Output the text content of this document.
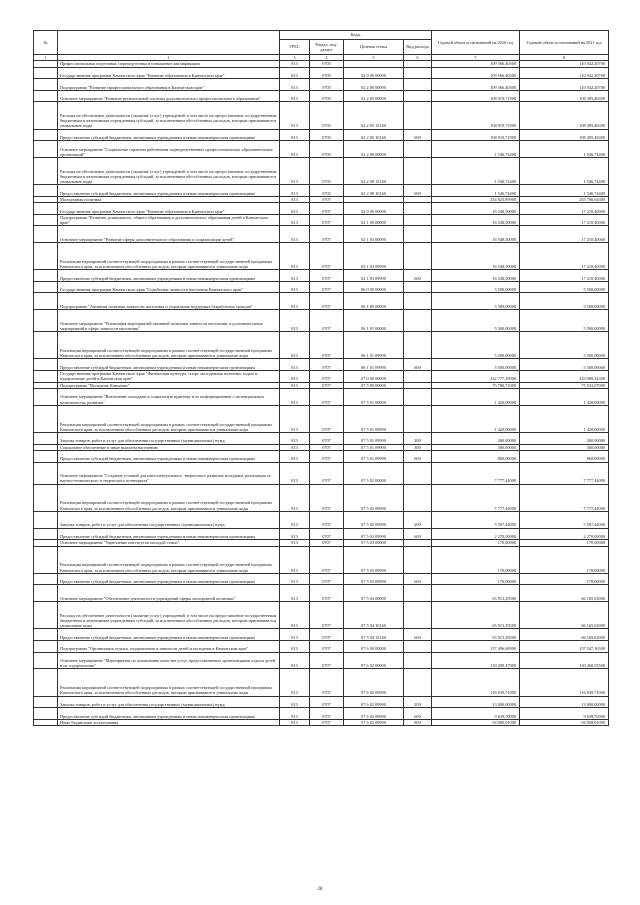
№		Коды				Годовой объем ассигнований на 2020 год	Годовой объем ассигнований на 2021 год
		ГРБС	Раздел, под-раздел	Целевая статья	Вид расхода		
1	2	3	4	5	6	7	8
	Профессиональная подготовка, переподготовка и повышение квалификации	813	0705			109 566,40300	110 042,20700
	Государственная программа Камчатского края "Развитие образования в Камчатском крае"	813	0705	02 0 00 00000		109 566,40300	110 042,20700
	Подпрограмма "Развитие профессионального образования в Камчатском крае"	813	0705	02 2 00 00000		109 566,40300	110 042,20700
	Основное мероприятие "Развитие региональной системы дополнительного профессионального образования"	813	0705	02 2 05 00000		108 019,71900	108 495,46300
	Расходы на обеспечение деятельности (оказание услуг) учреждений, в том числе на предоставление государственным бюджетным и автономным учреждениям субсидий, за исключением обособленных расходов, которым присваиваются уникальные коды	813	0705	02 2 05 10140		108 019,71900	108 495,46300
	Предоставление субсидий бюджетным, автономным учреждениям и иным некоммерческим организациям	813	0705	02 2 05 10140	600	108 019,71900	108 495,46300
	Основное мероприятие "Социальные гарантии работникам подведомственных профессиональных образовательных организаций"	813	0705	02 2 08 00000		1 546,74400	1 546,74400
	Расходы на обеспечение деятельности (оказание услуг) учреждений, в том числе на предоставление государственным бюджетным и автономным учреждениям субсидий, за исключением обособленных расходов, которым присваиваются уникальные коды	813	0705	02 2 08 10140		1 546,74400	1 546,74400
	Предоставление субсидий бюджетным, автономным учреждениям и иным некоммерческим организациям	813	0705	02 2 08 10140	600	1 546,74400	1 546,74400
	Молодежная политика	813	0707			254 825,89900	255 790,04300
	Государственная программа Камчатского края "Развитие образования в Камчатском крае"	813	0707	02 0 00 00000		16 548,50000	17 210,40000
	Подпрограмма "Развитие дошкольного, общего образования и дополнительного образования детей в Камчатском крае"	813	0707	02 1 00 00000		16 548,50000	17 210,40000
	Основное мероприятие "Развитие сферы дополнительного образования и социализации детей"	813	0707	02 1 03 00000		16 548,50000	17 210,40000
	Реализация мероприятий соответствующей подпрограммы в рамках соответствующей государственной программы Камчатского края, за исключением обособленных расходов, которым присваиваются уникальные коды	813	0707	02 1 03 09990		16 548,50000	17 210,40000
	Предоставление субсидий бюджетным, автономным учреждениям и иным некоммерческим организациям	813	0707	02 1 03 09990	600	16 548,50000	17 210,40000
	Государственная программа Камчатского края "Содействие занятости населения Камчатского края"	813	0707	06 0 00 00000		5 500,00000	5 500,00000
	Подпрограмма "Активная политика занятости населения и социальная поддержка безработных граждан"	813	0707	06 1 00 00000		5 500,00000	5 500,00000
	Основное мероприятие "Реализация мероприятий активной политики занятости населения, в дополнительных мероприятий в сфере занятости населения"	813	0707	06 1 01 00000		5 500,00000	5 500,00000
	Реализация мероприятий соответствующей подпрограммы в рамках соответствующей государственной программы Камчатского края, за исключением обособленных расходов, которым присваиваются уникальные коды	813	0707	06 1 01 09990		5 500,00000	5 500,00000
	Предоставление субсидий бюджетным, автономным учреждениям и иным некоммерческим организациям	813	0707	06 1 01 09990	600	5 500,00000	5 500,00000
	Государственная программа Камчатского края "Физическая культура, спорт, молодежная политика, отдых и оздоровление детей в Камчатском крае"	813	0707	07 0 00 00000		232 777,39900	233 080,24300
	Подпрограмма "Молодежь Камчатки"	813	0707	07 5 00 00000		75 780,71000	75 533,07000
	Основное мероприятие "Вовлечение молодежи в социальную практику и ее информирование о потенциальных возможностях развития"	813	0707	07 5 01 00000		1 420,00000	1 420,00000
	Реализация мероприятий соответствующей подпрограммы в рамках соответствующей государственной программы Камчатского края, за исключением обособленных расходов, которым присваиваются уникальные коды	813	0707	07 5 01 09990		1 420,00000	1 420,00000
	Закупка товаров, работ и услуг для обеспечения государственных (муниципальных) нужд	813	0707	07 5 01 09990	200	260,00000	260,00000
	Социальное обеспечение и иные выплаты населению	813	0707	07 5 01 09990	300	300,00000	300,00000
	Предоставление субсидий бюджетным, автономным учреждениям и иным некоммерческим организациям	813	0707	07 5 01 09990	600	860,00000	860,00000
	Основное мероприятие "Создание условий для интеллектуального, творческого развития молодежи, реализация ее научно-технического и творческого потенциала"	813	0707	07 5 02 00000		7 777,44000	7 777,44000
	Реализация мероприятий соответствующей подпрограммы в рамках соответствующей государственной программы Камчатского края, за исключением обособленных расходов, которым присваиваются уникальные коды	813	0707	07 5 02 09990		7 777,44000	7 777,44000
	Закупка товаров, работ и услуг для обеспечения государственных (муниципальных) нужд	813	0707	07 5 02 09990	200	5 507,44000	5 507,44000
	Предоставление субсидий бюджетным, автономным учреждениям и иным некоммерческим организациям	813	0707	07 5 02 09990	600	2 270,00000	2 270,00000
	Основное мероприятие "Укрепление институтов молодой семьи"	813	0707	07 5 03 00000		170,00000	170,00000
	Реализация мероприятий соответствующей подпрограммы в рамках соответствующей государственной программы Камчатского края, за исключением обособленных расходов, которым присваиваются уникальные коды	813	0707	07 5 03 09990		170,00000	170,00000
	Предоставление субсидий бюджетным, автономным учреждениям и иным некоммерческим организациям	813	0707	07 5 03 09990	600	170,00000	170,00000
	Основное мероприятие "Обеспечение деятельности учреждений сферы молодежной политики"	813	0707	07 5 04 00000		65 913,29500	66 165,63000
	Расходы на обеспечение деятельности (оказание услуг) учреждений, в том числе на предоставление государственным бюджетным и автономным учреждениям субсидий, за исключением обособленных расходов, которым присваиваются уникальные коды	813	0707	07 5 04 10140		65 913,29500	66 165,63000
	Предоставление субсидий бюджетным, автономным учреждениям и иным некоммерческим организациям	813	0707	07 5 04 10140	600	65 913,29500	66 165,63000
	Подпрограмма "Организация отдыха, оздоровления и занятости детей и молодежи в Камчатском крае"	813	0707	07 6 00 00000		157 496,68900	157 547,16500
	Основное мероприятие "Мероприятия по повышению качества услуг, предоставляемых организациями отдыха детей и их оздоровления"	813	0707	07 6 02 00000		130 209,47000	130 260,03500
	Реализация мероприятий соответствующей подпрограммы в рамках соответствующей государственной программы Камчатского края, за исключением обособленных расходов, которым присваиваются уникальные коды	813	0707	07 6 02 09990		116 639,71000	116 639,71000
	Закупка товаров, работ и услуг для обеспечения государственных (муниципальных) нужд	813	0707	07 6 02 09990	200	13 000,00000	13 000,00000
	Предоставление субсидий бюджетным, автономным учреждениям и иным некоммерческим организациям	813	0707	07 6 02 09990	600	9 639,70000	9 639,70000
	Иные бюджетные ассигнования	813	0707	07 6 02 09990	800	94 000,01000	94 000,01000
28
